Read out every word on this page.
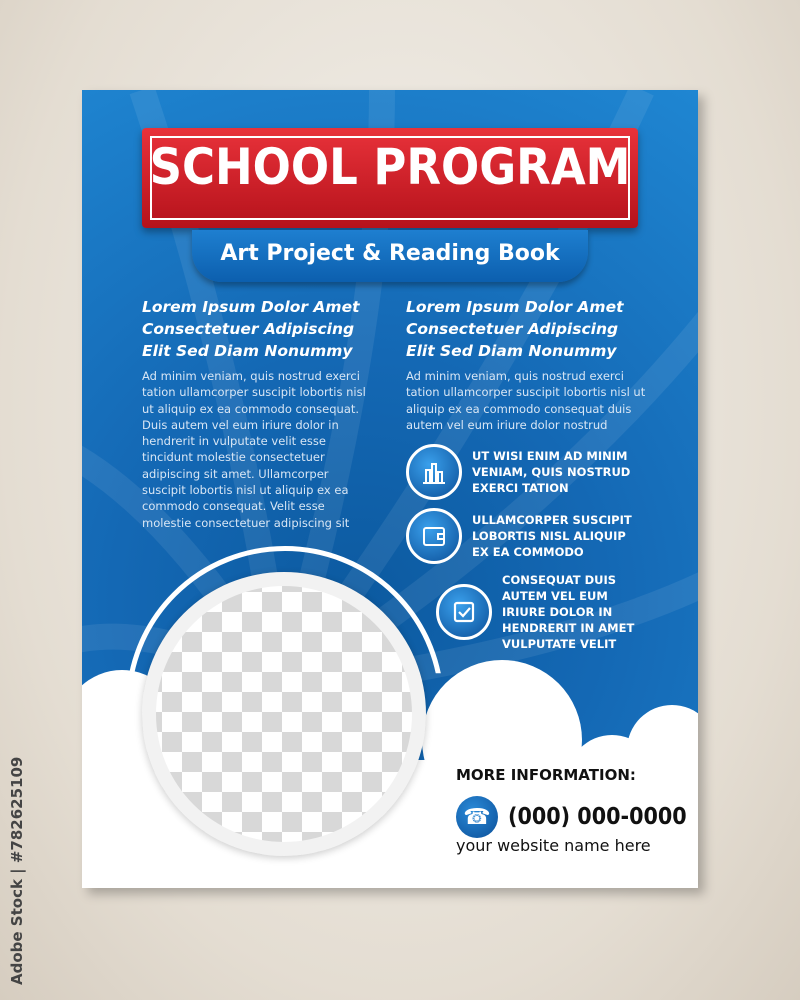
Adobe Stock | #782625109
SCHOOL PROGRAM
Art Project & Reading Book
Lorem Ipsum Dolor Amet
Consectetuer Adipiscing
Elit Sed Diam Nonummy
Ad minim veniam, quis nostrud exerci
tation ullamcorper suscipit lobortis nisl
ut aliquip ex ea commodo consequat.
Duis autem vel eum iriure dolor in
hendrerit in vulputate velit esse
tincidunt molestie consectetuer
adipiscing sit amet. Ullamcorper
suscipit lobortis nisl ut aliquip ex ea
commodo consequat. Velit esse
molestie consectetuer adipiscing sit
Lorem Ipsum Dolor Amet
Consectetuer Adipiscing
Elit Sed Diam Nonummy
Ad minim veniam, quis nostrud exerci
tation ullamcorper suscipit lobortis nisl ut
aliquip ex ea commodo consequat duis
autem vel eum iriure dolor nostrud
UT WISI ENIM AD MINIM
VENIAM, QUIS NOSTRUD
EXERCI TATION
ULLAMCORPER SUSCIPIT
LOBORTIS NISL ALIQUIP
EX EA COMMODO
CONSEQUAT DUIS
AUTEM VEL EUM
IRIURE DOLOR IN
HENDRERIT IN AMET
VULPUTATE VELIT
MORE INFORMATION:
☎ (000) 000-0000
your website name here
